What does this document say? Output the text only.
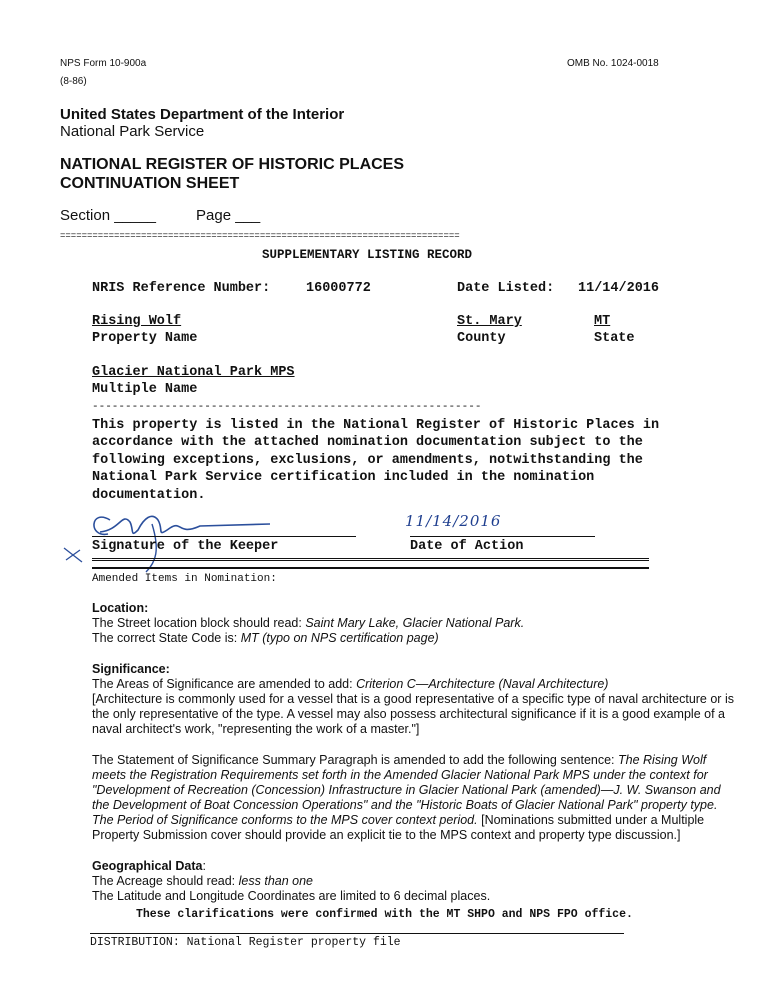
NPS Form 10-900a
(8-86)
OMB No. 1024-0018
United States Department of the Interior
National Park Service
NATIONAL REGISTER OF HISTORIC PLACES
CONTINUATION SHEET
Section _____	Page ___
==========================================================================
SUPPLEMENTARY LISTING RECORD
NRIS Reference Number:	16000772	Date Listed: 11/14/2016
Rising Wolf
Property Name
St. Mary
County
MT
State
Glacier National Park MPS
Multiple Name
-----------------------------------------------------------
This property is listed in the National Register of Historic Places in
accordance with the attached nomination documentation subject to the
following exceptions, exclusions, or amendments, notwithstanding the
National Park Service certification included in the nomination
documentation.
Signature of the Keeper
11/14/2016
Date of Action
Amended Items in Nomination:
Location:
The Street location block should read: Saint Mary Lake, Glacier National Park.
The correct State Code is: MT (typo on NPS certification page)
Significance:
The Areas of Significance are amended to add: Criterion C—Architecture (Naval Architecture)
[Architecture is commonly used for a vessel that is a good representative of a specific type of naval architecture or is
the only representative of the type. A vessel may also possess architectural significance if it is a good example of a
naval architect's work, "representing the work of a master."]
The Statement of Significance Summary Paragraph is amended to add the following sentence: The Rising Wolf
meets the Registration Requirements set forth in the Amended Glacier National Park MPS under the context for
"Development of Recreation (Concession) Infrastructure in Glacier National Park (amended)—J. W. Swanson and
the Development of Boat Concession Operations" and the "Historic Boats of Glacier National Park" property type.
The Period of Significance conforms to the MPS cover context period. [Nominations submitted under a Multiple
Property Submission cover should provide an explicit tie to the MPS context and property type discussion.]
Geographical Data:
The Acreage should read: less than one
The Latitude and Longitude Coordinates are limited to 6 decimal places.
These clarifications were confirmed with the MT SHPO and NPS FPO office.
DISTRIBUTION: National Register property file
